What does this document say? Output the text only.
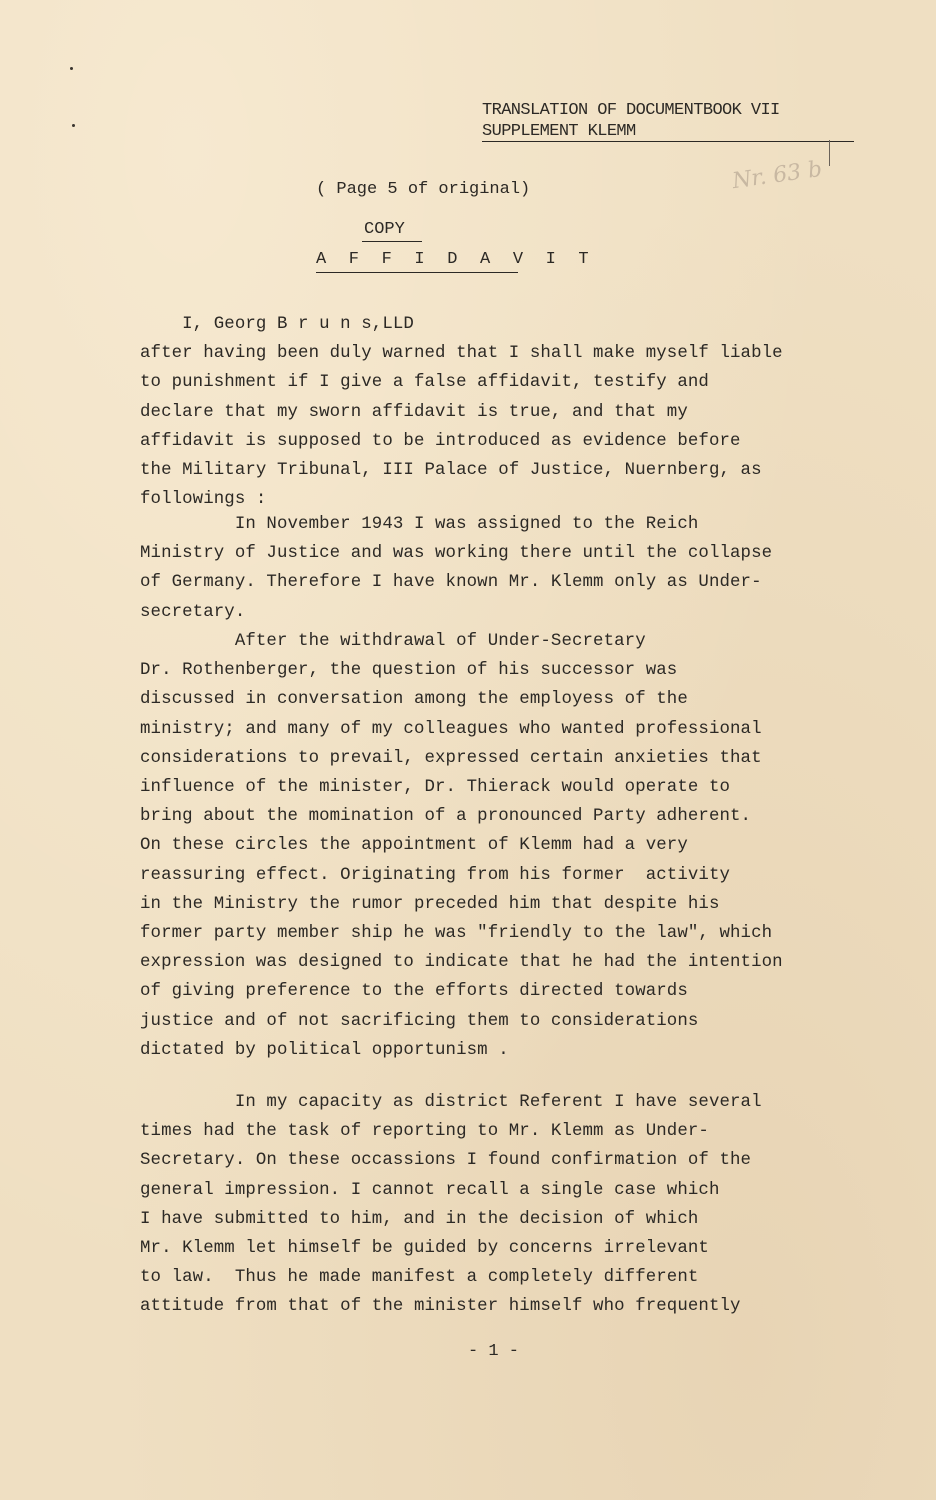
TRANSLATION OF DOCUMENTBOOK VII
SUPPLEMENT KLEMM
Nr. 63 b
( Page 5 of original)
COPY
A F F I D A V I T
I, Georg B r u n s,LLD
after having been duly warned that I shall make myself liable
to punishment if I give a false affidavit, testify and
declare that my sworn affidavit is true, and that my
affidavit is supposed to be introduced as evidence before
the Military Tribunal, III Palace of Justice, Nuernberg, as
followings :
In November 1943 I was assigned to the Reich
Ministry of Justice and was working there until the collapse
of Germany. Therefore I have known Mr. Klemm only as Under-
secretary.
After the withdrawal of Under-Secretary
Dr. Rothenberger, the question of his successor was
discussed in conversation among the employess of the
ministry; and many of my colleagues who wanted professional
considerations to prevail, expressed certain anxieties that
influence of the minister, Dr. Thierack would operate to
bring about the momination of a pronounced Party adherent.
On these circles the appointment of Klemm had a very
reassuring effect. Originating from his former  activity
in the Ministry the rumor preceded him that despite his
former party member ship he was "friendly to the law", which
expression was designed to indicate that he had the intention
of giving preference to the efforts directed towards
justice and of not sacrificing them to considerations
dictated by political opportunism .
In my capacity as district Referent I have several
times had the task of reporting to Mr. Klemm as Under-
Secretary. On these occassions I found confirmation of the
general impression. I cannot recall a single case which
I have submitted to him, and in the decision of which
Mr. Klemm let himself be guided by concerns irrelevant
to law.  Thus he made manifest a completely different
attitude from that of the minister himself who frequently
- 1 -
